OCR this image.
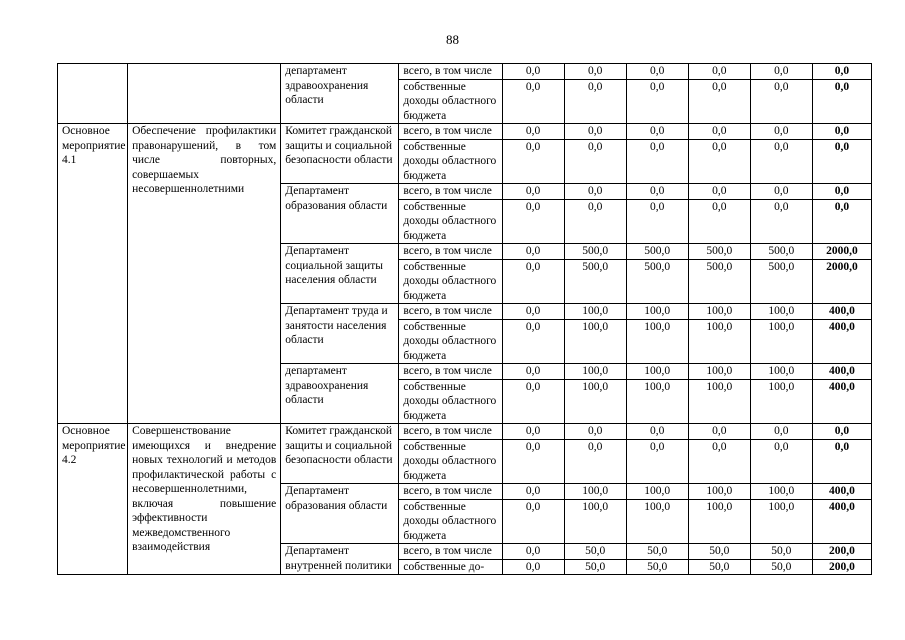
88
		департамент здравоохранения области	всего, в том числе	0,0	0,0	0,0	0,0	0,0	0,0
			собственные доходы областного бюджета	0,0	0,0	0,0	0,0	0,0	0,0
Основное мероприятие 4.1	Обеспечение профилактики правонарушений, в том числе повторных, совершаемых несовершеннолетними	Комитет гражданской защиты и социальной безопасности области	всего, в том числе	0,0	0,0	0,0	0,0	0,0	0,0
			собственные доходы областного бюджета	0,0	0,0	0,0	0,0	0,0	0,0
		Департамент образования области	всего, в том числе	0,0	0,0	0,0	0,0	0,0	0,0
			собственные доходы областного бюджета	0,0	0,0	0,0	0,0	0,0	0,0
		Департамент социальной защиты населения области	всего, в том числе	0,0	500,0	500,0	500,0	500,0	2000,0
			собственные доходы областного бюджета	0,0	500,0	500,0	500,0	500,0	2000,0
		Департамент труда и занятости населения области	всего, в том числе	0,0	100,0	100,0	100,0	100,0	400,0
			собственные доходы областного бюджета	0,0	100,0	100,0	100,0	100,0	400,0
		департамент здравоохранения области	всего, в том числе	0,0	100,0	100,0	100,0	100,0	400,0
			собственные доходы областного бюджета	0,0	100,0	100,0	100,0	100,0	400,0
Основное мероприятие 4.2	Совершенствование имеющихся и внедрение новых технологий и методов профилактической работы с несовершеннолетними, включая повышение эффективности межведомственного взаимодействия	Комитет гражданской защиты и социальной безопасности области	всего, в том числе	0,0	0,0	0,0	0,0	0,0	0,0
			собственные доходы областного бюджета	0,0	0,0	0,0	0,0	0,0	0,0
		Департамент образования области	всего, в том числе	0,0	100,0	100,0	100,0	100,0	400,0
			собственные доходы областного бюджета	0,0	100,0	100,0	100,0	100,0	400,0
		Департамент внутренней политики	всего, в том числе	0,0	50,0	50,0	50,0	50,0	200,0
			собственные до-	0,0	50,0	50,0	50,0	50,0	200,0
